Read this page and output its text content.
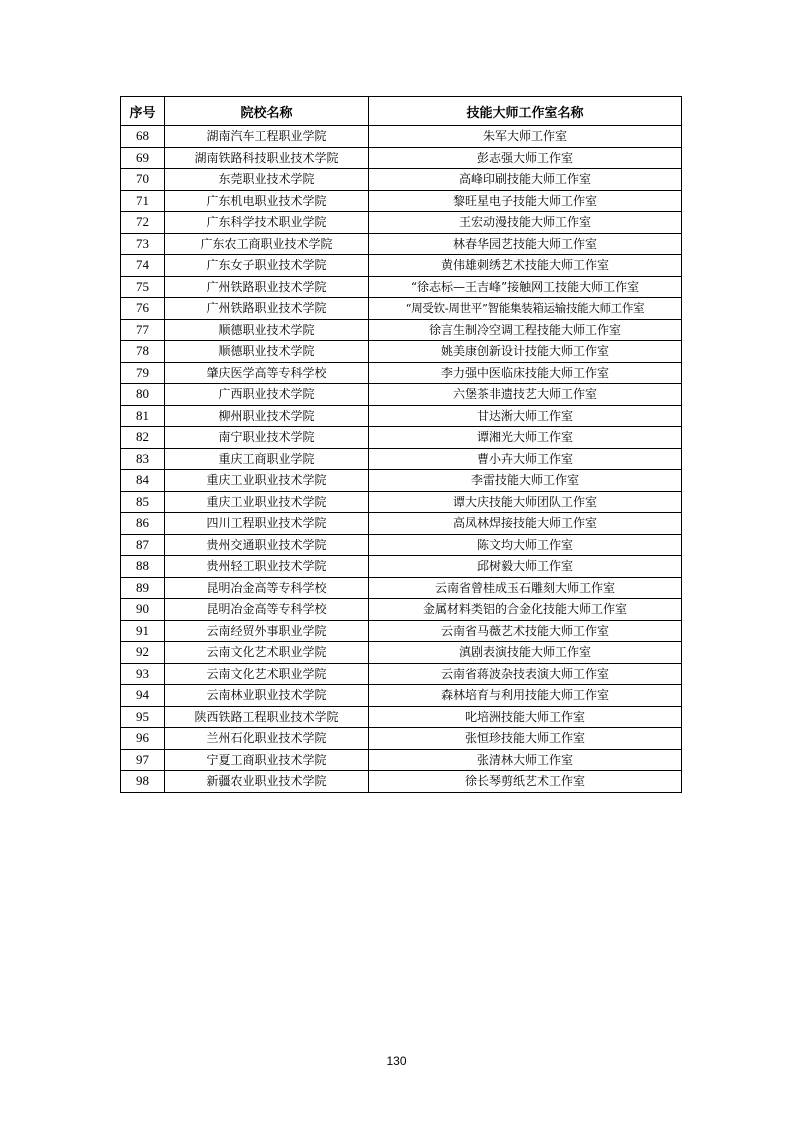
序号	院校名称	技能大师工作室名称
68	湖南汽车工程职业学院	朱军大师工作室
69	湖南铁路科技职业技术学院	彭志强大师工作室
70	东莞职业技术学院	高峰印刷技能大师工作室
71	广东机电职业技术学院	黎旺星电子技能大师工作室
72	广东科学技术职业学院	王宏动漫技能大师工作室
73	广东农工商职业技术学院	林春华园艺技能大师工作室
74	广东女子职业技术学院	黄伟雄刺绣艺术技能大师工作室
75	广州铁路职业技术学院	“徐志标—王吉峰”接触网工技能大师工作室
76	广州铁路职业技术学院	“周受钦-周世平”智能集装箱运输技能大师工作室
77	顺德职业技术学院	徐言生制冷空调工程技能大师工作室
78	顺德职业技术学院	姚美康创新设计技能大师工作室
79	肇庆医学高等专科学校	李力强中医临床技能大师工作室
80	广西职业技术学院	六堡茶非遗技艺大师工作室
81	柳州职业技术学院	甘达淅大师工作室
82	南宁职业技术学院	谭湘光大师工作室
83	重庆工商职业学院	曹小卉大师工作室
84	重庆工业职业技术学院	李雷技能大师工作室
85	重庆工业职业技术学院	谭大庆技能大师团队工作室
86	四川工程职业技术学院	高凤林焊接技能大师工作室
87	贵州交通职业技术学院	陈文均大师工作室
88	贵州轻工职业技术学院	邱树毅大师工作室
89	昆明冶金高等专科学校	云南省曾桂成玉石雕刻大师工作室
90	昆明冶金高等专科学校	金属材料类铝的合金化技能大师工作室
91	云南经贸外事职业学院	云南省马薇艺术技能大师工作室
92	云南文化艺术职业学院	滇剧表演技能大师工作室
93	云南文化艺术职业学院	云南省蒋波杂技表演大师工作室
94	云南林业职业技术学院	森林培育与利用技能大师工作室
95	陕西铁路工程职业技术学院	叱培洲技能大师工作室
96	兰州石化职业技术学院	张恒珍技能大师工作室
97	宁夏工商职业技术学院	张清林大师工作室
98	新疆农业职业技术学院	徐长琴剪纸艺术工作室
130
